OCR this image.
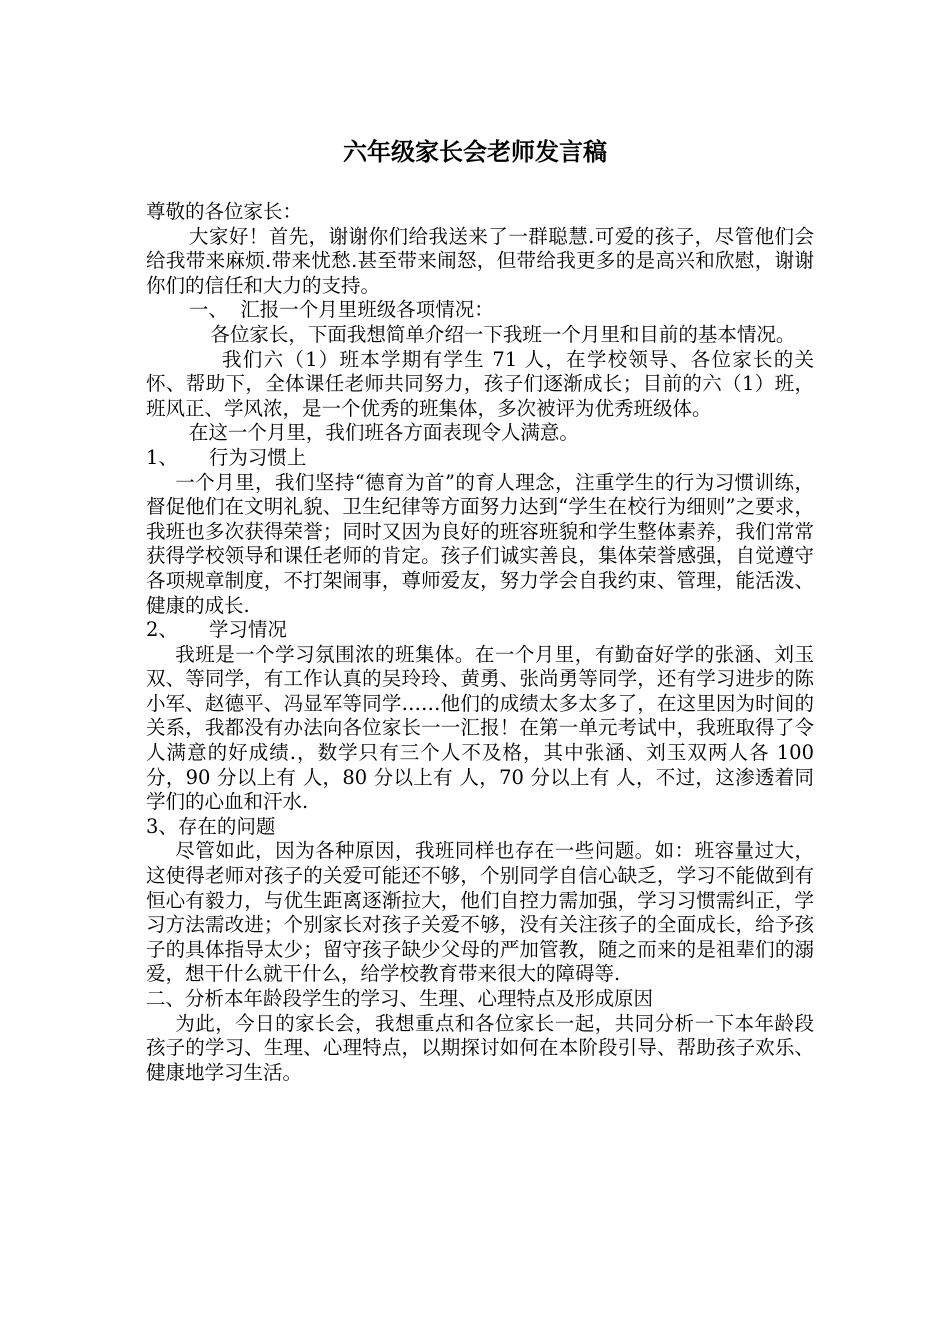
六年级家长会老师发言稿

尊敬的各位家长：

大家好！首先，谢谢你们给我送来了一群聪慧.可爱的孩子，尽管他们会给我带来麻烦.带来忧愁.甚至带来闹怒，但带给我更多的是高兴和欣慰，谢谢你们的信任和大力的支持。

一、  汇报一个月里班级各项情况：

各位家长，下面我想简单介绍一下我班一个月里和目前的基本情况。

我们六（1）班本学期有学生 71 人，在学校领导、各位家长的关怀、帮助下，全体课任老师共同努力，孩子们逐渐成长；目前的六（1）班，班风正、学风浓，是一个优秀的班集体，多次被评为优秀班级体。

在这一个月里，我们班各方面表现令人满意。

1、     行为习惯上

一个月里，我们坚持“德育为首”的育人理念，注重学生的行为习惯训练，督促他们在文明礼貌、卫生纪律等方面努力达到“学生在校行为细则”之要求，我班也多次获得荣誉；同时又因为良好的班容班貌和学生整体素养，我们常常获得学校领导和课任老师的肯定。孩子们诚实善良，集体荣誉感强，自觉遵守各项规章制度，不打架闹事，尊师爱友，努力学会自我约束、管理，能活泼、健康的成长.

2、     学习情况

我班是一个学习氛围浓的班集体。在一个月里，有勤奋好学的张涵、刘玉双、等同学，有工作认真的吴玲玲、黄勇、张尚勇等同学，还有学习进步的陈小军、赵德平、冯显军等同学……他们的成绩太多太多了，在这里因为时间的关系，我都没有办法向各位家长一一汇报！在第一单元考试中，我班取得了令人满意的好成绩.，数学只有三个人不及格，其中张涵、刘玉双两人各 100 分，90 分以上有 人，80 分以上有 人，70 分以上有 人，不过，这渗透着同学们的心血和汗水.

3、存在的问题

尽管如此，因为各种原因，我班同样也存在一些问题。如：班容量过大，这使得老师对孩子的关爱可能还不够，个别同学自信心缺乏，学习不能做到有恒心有毅力，与优生距离逐渐拉大，他们自控力需加强，学习习惯需纠正，学习方法需改进；个别家长对孩子关爱不够，没有关注孩子的全面成长，给予孩子的具体指导太少；留守孩子缺少父母的严加管教，随之而来的是祖辈们的溺爱，想干什么就干什么，给学校教育带来很大的障碍等.

二、分析本年龄段学生的学习、生理、心理特点及形成原因

为此，今日的家长会，我想重点和各位家长一起，共同分析一下本年龄段孩子的学习、生理、心理特点，以期探讨如何在本阶段引导、帮助孩子欢乐、健康地学习生活。
